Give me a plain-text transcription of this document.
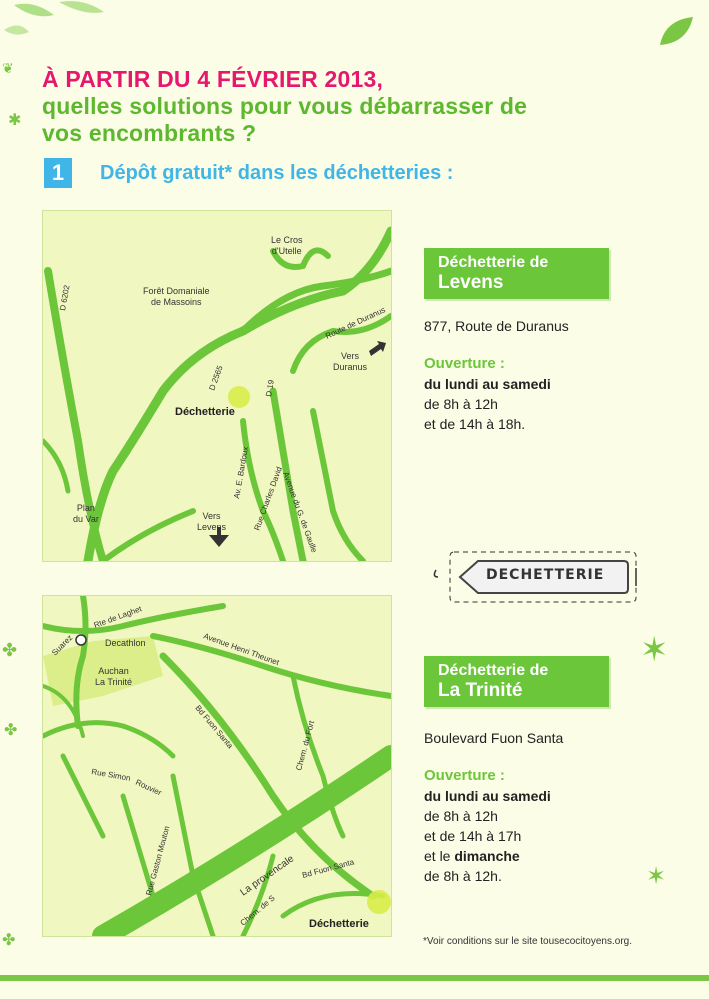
✱
❦
✶
✶
✤
✤
✤
À PARTIR DU 4 FÉVRIER 2013,
quelles solutions pour vous débarrasser de
vos encombrants ?
1	Dépôt gratuit* dans les déchetteries :
Route de Duranus
D 2565
D 6202
D 19
Av. E. Bardoux Rue Charles David
Avenue du G. de Gaulle
Le Cros
d'Utelle
Forêt Domaniale
de Massoins
Vers
Duranus
Déchetterie
Plan
du Var	Vers
Levens
Déchetterie de
Levens
877, Route de Duranus
Ouverture :
du lundi au samedi
de 8h à 12h
et de 14h à 18h.
DECHETTERIE
Suarez
Rte de Laghet
Avenue Henri Theunet
Bd Fuon Santa	Chem. du Fort
Rue Simon
Rouvier
Rue Gaston Mouton	La provencale Bd Fuon Santa
Chem. de S
Decathlon
Auchan
La Trinité
Déchetterie
Déchetterie de
La Trinité
Boulevard Fuon Santa
Ouverture :
du lundi au samedi
de 8h à 12h
et de 14h à 17h
et le dimanche
de 8h à 12h.
*Voir conditions sur le site tousecocitoyens.org.
